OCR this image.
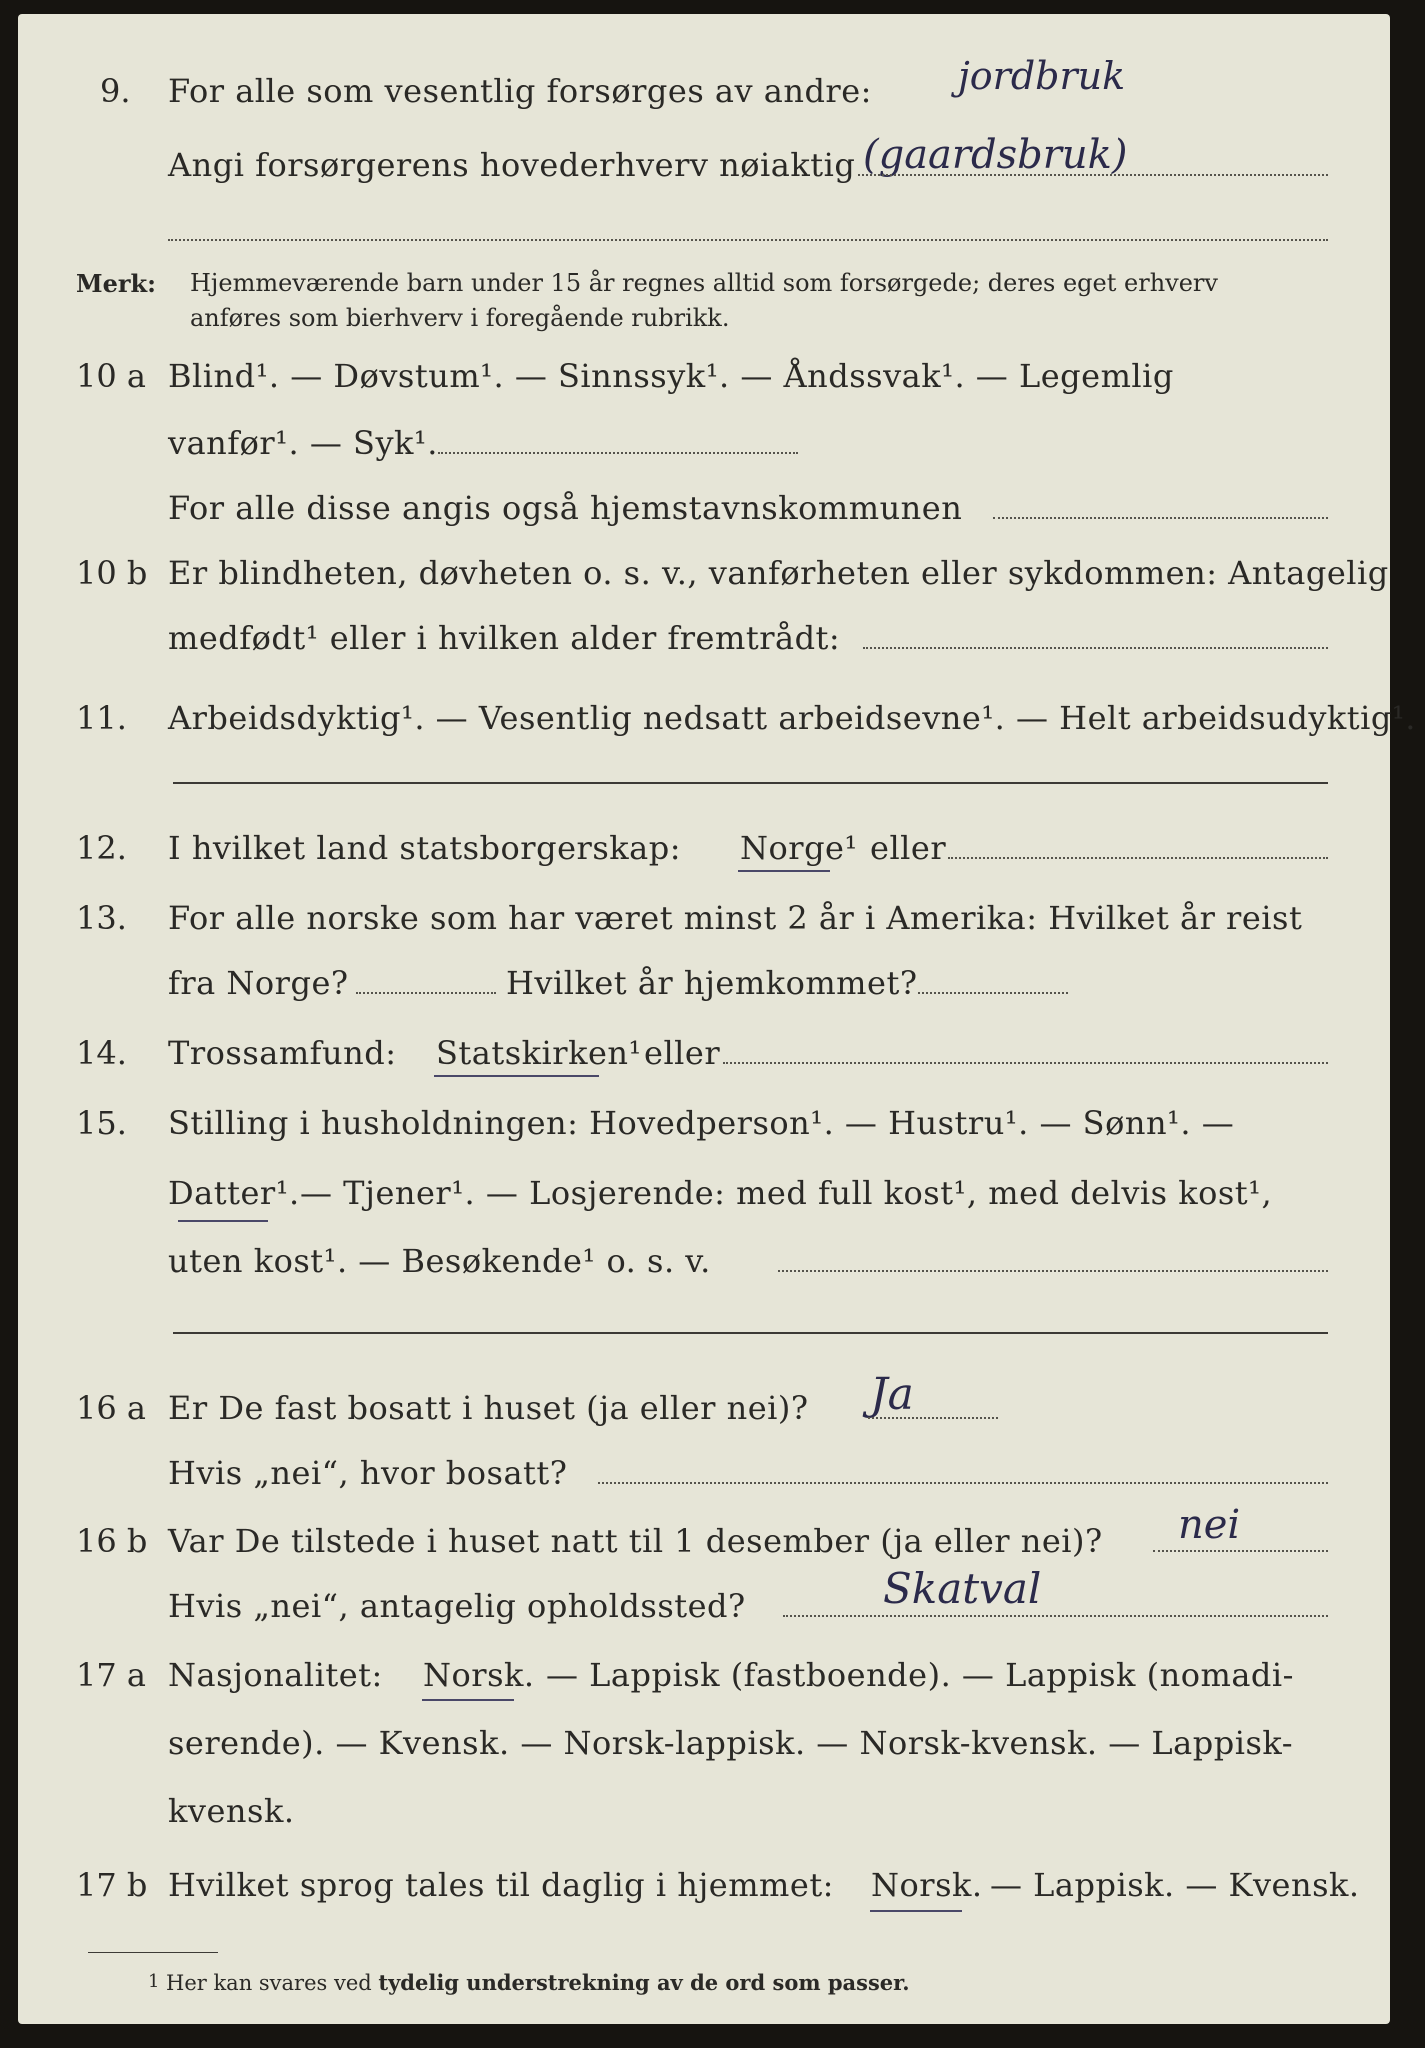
9. For alle som vesentlig forsørges av andre: jordbruk
Angi forsørgerens hovederhverv nøiaktig (gaardsbruk)
Merk: Hjemmeværende barn under 15 år regnes alltid som forsørgede; deres eget erhverv
anføres som bierhverv i foregående rubrikk.
10 a Blind¹. — Døvstum¹. — Sinnssyk¹. — Åndssvak¹. — Legemlig
vanfør¹. — Syk¹.
For alle disse angis også hjemstavnskommunen
10 b Er blindheten, døvheten o. s. v., vanførheten eller sykdommen: Antagelig
medfødt¹ eller i hvilken alder fremtrådt:
11. Arbeidsdyktig¹. — Vesentlig nedsatt arbeidsevne¹. — Helt arbeidsudyktig¹.
12. I hvilket land statsborgerskap: Norge¹ eller
13. For alle norske som har været minst 2 år i Amerika: Hvilket år reist
fra Norge?	Hvilket år hjemkommet?
14. Trossamfund: Statskirken¹ eller
15. Stilling i husholdningen: Hovedperson¹. — Hustru¹. — Sønn¹. —
Datter¹. — Tjener¹. — Losjerende: med full kost¹, med delvis kost¹,
uten kost¹. — Besøkende¹ o. s. v.
16 a Er De fast bosatt i huset (ja eller nei)? Ja
Hvis „nei“, hvor bosatt?
16 b Var De tilstede i huset natt til 1 desember (ja eller nei)? nei
Hvis „nei“, antagelig opholdssted?	Skatval
17 a Nasjonalitet: Norsk. — Lappisk (fastboende). — Lappisk (nomadi-
serende). — Kvensk. — Norsk-lappisk. — Norsk-kvensk. — Lappisk-
kvensk.
17 b Hvilket sprog tales til daglig i hjemmet: Norsk. — Lappisk. — Kvensk.
1 Her kan svares ved tydelig understrekning av de ord som passer.
